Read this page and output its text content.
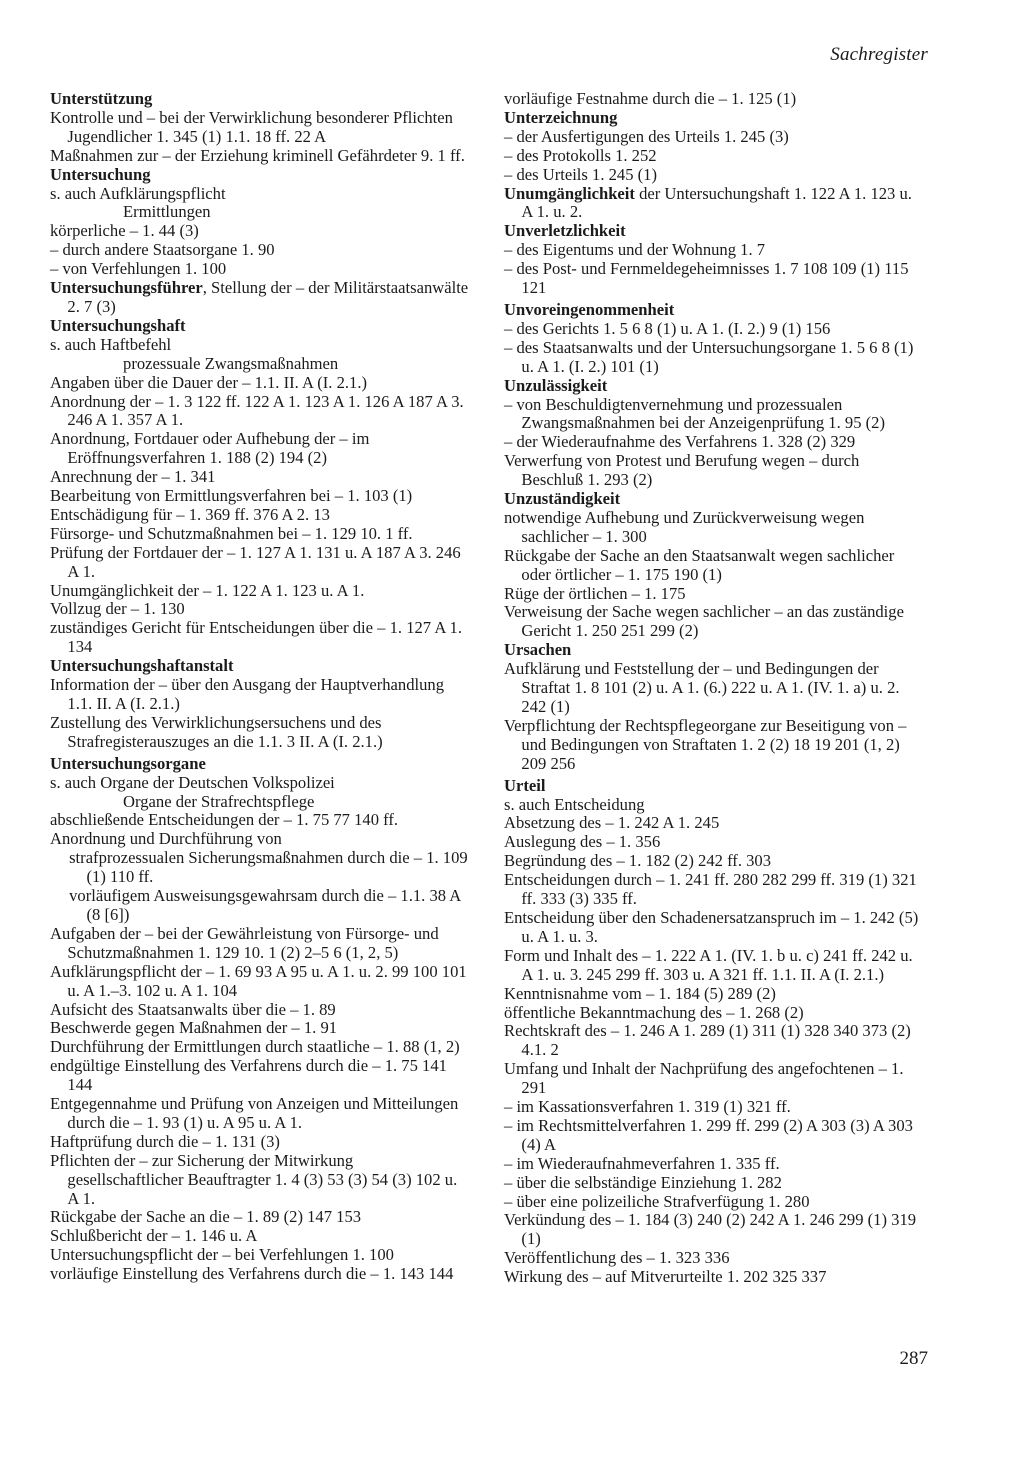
Sachregister

Unterstützung

Kontrolle und – bei der Verwirklichung besonderer Pflichten Jugendlicher 1. 345 (1) 1.1. 18 ff. 22 A

Maßnahmen zur – der Erziehung kriminell Gefährdeter 9. 1 ff.

Untersuchung

s. auch Aufklärungspflicht

Ermittlungen

körperliche – 1. 44 (3)

– durch andere Staatsorgane 1. 90

– von Verfehlungen 1. 100

Untersuchungsführer, Stellung der – der Militärstaatsanwälte 2. 7 (3)

Untersuchungshaft

s. auch Haftbefehl

prozessuale Zwangsmaßnahmen

Angaben über die Dauer der – 1.1. II. A (I. 2.1.)

Anordnung der – 1. 3 122 ff. 122 A 1. 123 A 1. 126 A 187 A 3. 246 A 1. 357 A 1.

Anordnung, Fortdauer oder Aufhebung der – im Eröffnungsverfahren 1. 188 (2) 194 (2)

Anrechnung der – 1. 341

Bearbeitung von Ermittlungsverfahren bei – 1. 103 (1)

Entschädigung für – 1. 369 ff. 376 A 2. 13

Fürsorge- und Schutzmaßnahmen bei – 1. 129 10. 1 ff.

Prüfung der Fortdauer der – 1. 127 A 1. 131 u. A 187 A 3. 246 A 1.

Unumgänglichkeit der – 1. 122 A 1. 123 u. A 1.

Vollzug der – 1. 130

zuständiges Gericht für Entscheidungen über die – 1. 127 A 1. 134

Untersuchungshaftanstalt

Information der – über den Ausgang der Hauptverhandlung 1.1. II. A (I. 2.1.)

Zustellung des Verwirklichungsersuchens und des Strafregisterauszuges an die 1.1. 3 II. A (I. 2.1.)

Untersuchungsorgane

s. auch Organe der Deutschen Volkspolizei

Organe der Strafrechtspflege

abschließende Entscheidungen der – 1. 75 77 140 ff.

Anordnung und Durchführung von

strafprozessualen Sicherungsmaßnahmen durch die – 1. 109 (1) 110 ff.

vorläufigem Ausweisungsgewahrsam durch die – 1.1. 38 A (8 [6])

Aufgaben der – bei der Gewährleistung von Fürsorge- und Schutzmaßnahmen 1. 129 10. 1 (2) 2–5 6 (1, 2, 5)

Aufklärungspflicht der – 1. 69 93 A 95 u. A 1. u. 2. 99 100 101 u. A 1.–3. 102 u. A 1. 104

Aufsicht des Staatsanwalts über die – 1. 89

Beschwerde gegen Maßnahmen der – 1. 91

Durchführung der Ermittlungen durch staatliche – 1. 88 (1, 2)

endgültige Einstellung des Verfahrens durch die – 1. 75 141 144

Entgegennahme und Prüfung von Anzeigen und Mitteilungen durch die – 1. 93 (1) u. A 95 u. A 1.

Haftprüfung durch die – 1. 131 (3)

Pflichten der – zur Sicherung der Mitwirkung gesellschaftlicher Beauftragter 1. 4 (3) 53 (3) 54 (3) 102 u. A 1.

Rückgabe der Sache an die – 1. 89 (2) 147 153

Schlußbericht der – 1. 146 u. A

Untersuchungspflicht der – bei Verfehlungen 1. 100

vorläufige Einstellung des Verfahrens durch die – 1. 143 144

vorläufige Festnahme durch die – 1. 125 (1)

Unterzeichnung

– der Ausfertigungen des Urteils 1. 245 (3)

– des Protokolls 1. 252

– des Urteils 1. 245 (1)

Unumgänglichkeit der Untersuchungshaft 1. 122 A 1. 123 u. A 1. u. 2.

Unverletzlichkeit

– des Eigentums und der Wohnung 1. 7

– des Post- und Fernmeldegeheimnisses 1. 7 108 109 (1) 115 121

Unvoreingenommenheit

– des Gerichts 1. 5 6 8 (1) u. A 1. (I. 2.) 9 (1) 156

– des Staatsanwalts und der Untersuchungsorgane 1. 5 6 8 (1) u. A 1. (I. 2.) 101 (1)

Unzulässigkeit

– von Beschuldigtenvernehmung und prozessualen Zwangsmaßnahmen bei der Anzeigenprüfung 1. 95 (2)

– der Wiederaufnahme des Verfahrens 1. 328 (2) 329

Verwerfung von Protest und Berufung wegen – durch Beschluß 1. 293 (2)

Unzuständigkeit

notwendige Aufhebung und Zurückverweisung wegen sachlicher – 1. 300

Rückgabe der Sache an den Staatsanwalt wegen sachlicher oder örtlicher – 1. 175 190 (1)

Rüge der örtlichen – 1. 175

Verweisung der Sache wegen sachlicher – an das zuständige Gericht 1. 250 251 299 (2)

Ursachen

Aufklärung und Feststellung der – und Bedingungen der Straftat 1. 8 101 (2) u. A 1. (6.) 222 u. A 1. (IV. 1. a) u. 2. 242 (1)

Verpflichtung der Rechtspflegeorgane zur Beseitigung von – und Bedingungen von Straftaten 1. 2 (2) 18 19 201 (1, 2) 209 256

Urteil

s. auch Entscheidung

Absetzung des – 1. 242 A 1. 245

Auslegung des – 1. 356

Begründung des – 1. 182 (2) 242 ff. 303

Entscheidungen durch – 1. 241 ff. 280 282 299 ff. 319 (1) 321 ff. 333 (3) 335 ff.

Entscheidung über den Schadenersatzanspruch im – 1. 242 (5) u. A 1. u. 3.

Form und Inhalt des – 1. 222 A 1. (IV. 1. b u. c) 241 ff. 242 u. A 1. u. 3. 245 299 ff. 303 u. A 321 ff. 1.1. II. A (I. 2.1.)

Kenntnisnahme vom – 1. 184 (5) 289 (2)

öffentliche Bekanntmachung des – 1. 268 (2)

Rechtskraft des – 1. 246 A 1. 289 (1) 311 (1) 328 340 373 (2) 4.1. 2

Umfang und Inhalt der Nachprüfung des angefochtenen – 1. 291

– im Kassationsverfahren 1. 319 (1) 321 ff.

– im Rechtsmittelverfahren 1. 299 ff. 299 (2) A 303 (3) A 303 (4) A

– im Wiederaufnahmeverfahren 1. 335 ff.

– über die selbständige Einziehung 1. 282

– über eine polizeiliche Strafverfügung 1. 280

Verkündung des – 1. 184 (3) 240 (2) 242 A 1. 246 299 (1) 319 (1)

Veröffentlichung des – 1. 323 336

Wirkung des – auf Mitverurteilte 1. 202 325 337

287
